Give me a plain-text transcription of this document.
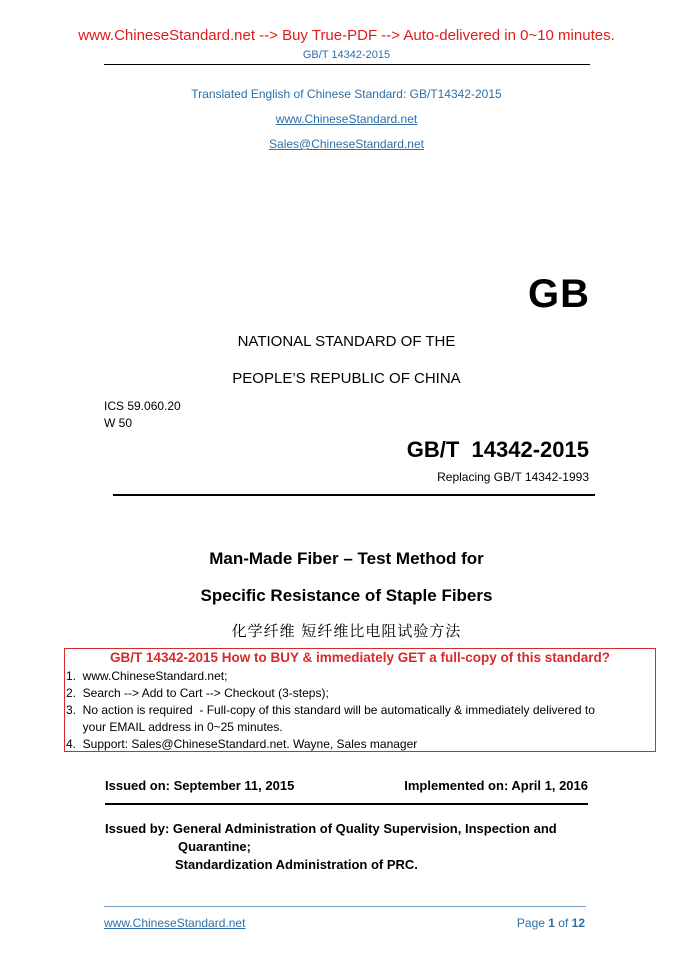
www.ChineseStandard.net --> Buy True-PDF --> Auto-delivered in 0~10 minutes.
GB/T 14342-2015
Translated English of Chinese Standard: GB/T14342-2015
www.ChineseStandard.net
Sales@ChineseStandard.net
GB
NATIONAL STANDARD OF THE
PEOPLE’S REPUBLIC OF CHINA
ICS 59.060.20
W 50
GB/T  14342-2015
Replacing GB/T 14342-1993
Man-Made Fiber – Test Method for
Specific Resistance of Staple Fibers
化学纤维 短纤维比电阻试验方法
GB/T 14342-2015 How to BUY & immediately GET a full-copy of this standard?
1.  www.ChineseStandard.net;
2.  Search --> Add to Cart --> Checkout (3-steps);
3.  No action is required  - Full-copy of this standard will be automatically & immediately delivered to
your EMAIL address in 0~25 minutes.
4.  Support: Sales@ChineseStandard.net. Wayne, Sales manager
Issued on: September 11, 2015	Implemented on: April 1, 2016
Issued by: General Administration of Quality Supervision, Inspection and
Quarantine;
Standardization Administration of PRC.
www.ChineseStandard.net	Page 1 of 12
